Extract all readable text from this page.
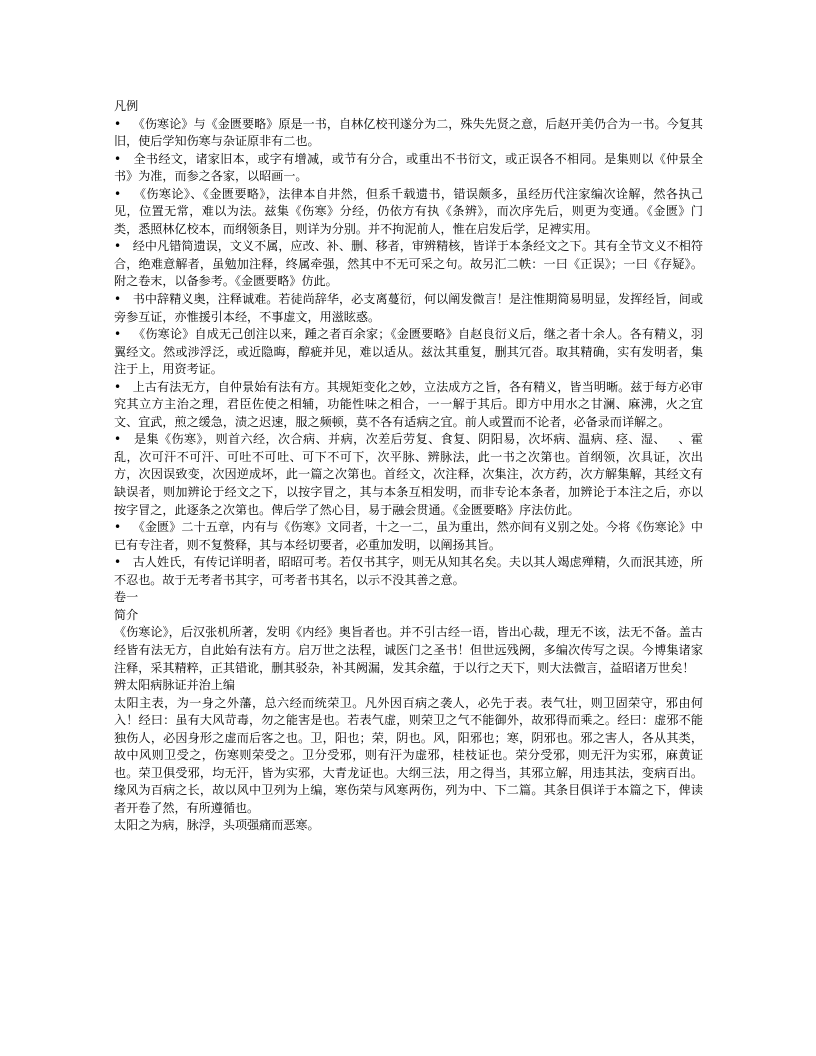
凡例
•   《伤寒论》与《金匮要略》原是一书，自林亿校刊遂分为二，殊失先贤之意，后赵开美仍合为一书。今复其旧，使后学知伤寒与杂证原非有二也。
•   全书经文，诸家旧本，或字有增减，或节有分合，或重出不书衍文，或正误各不相同。是集则以《仲景全书》为准，而参之各家，以昭画一。
•   《伤寒论》、《金匮要略》，法律本自井然，但系千载遗书，错误颇多，虽经历代注家编次诠解，然各执己见，位置无常，难以为法。兹集《伤寒》分经，仍依方有执《条辨》，而次序先后，则更为变通。《金匮》门类，悉照林亿校本，而纲领条目，则详为分别。并不拘泥前人，惟在启发后学，足裨实用。
•   经中凡错简遗误，文义不属，应改、补、删、移者，审辨精核，皆详于本条经文之下。其有全节文义不相符合，绝难意解者，虽勉加注释，终属牵强，然其中不无可采之句。故另汇二帙：一曰《正误》；一曰《存疑》。附之卷末，以备参考。《金匮要略》仿此。
•   书中辞精义奥，注释诚难。若徒尚辞华，必支离蔓衍，何以阐发微言！是注惟期简易明显，发挥经旨，间或旁参互证，亦惟援引本经，不事虚文，用滋眩惑。
•   《伤寒论》自成无己创注以来，踵之者百余家；《金匮要略》自赵良衍义后，继之者十余人。各有精义，羽翼经文。然或涉浮泛，或近隐晦，醇疵并见，难以适从。兹汰其重复，删其冗沓。取其精确，实有发明者，集注于上，用资考证。
•   上古有法无方，自仲景始有法有方。其规矩变化之妙，立法成方之旨，各有精义，皆当明晰。兹于每方必审究其立方主治之理，君臣佐使之相辅，功能性味之相合，一一解于其后。即方中用水之甘澜、麻沸，火之宜文、宜武，煎之缓急，渍之迟速，服之频顿，莫不各有适病之宜。前人或置而不论者，必备录而详解之。
•   是集《伤寒》，则首六经，次合病、并病，次差后劳复、食复、阴阳易，次坏病、温病、痉、湿、 、霍乱，次可汗不可汗、可吐不可吐、可下不可下，次平脉、辨脉法，此一书之次第也。首纲领，次具证，次出方，次因误致变，次因逆成坏，此一篇之次第也。首经文，次注释，次集注，次方药，次方解集解，其经文有缺误者，则加辨论于经文之下，以按字冒之，其与本条互相发明，而非专论本条者，加辨论于本注之后，亦以按字冒之，此逐条之次第也。俾后学了然心目，易于融会贯通。《金匮要略》序法仿此。
•   《金匮》二十五章，内有与《伤寒》文同者，十之一二，虽为重出，然亦间有义别之处。今将《伤寒论》中已有专注者，则不复赘释，其与本经切要者，必重加发明，以阐扬其旨。
•   古人姓氏，有传记详明者，昭昭可考。若仅书其字，则无从知其名矣。夫以其人竭虑殚精，久而泯其迹，所不忍也。故于无考者书其字，可考者书其名，以示不没其善之意。
卷一
简介
《伤寒论》，后汉张机所著，发明《内经》奥旨者也。并不引古经一语，皆出心裁，理无不该，法无不备。盖古经皆有法无方，自此始有法有方。启万世之法程，诚医门之圣书！但世远残阙，多编次传写之误。今博集诸家注释，采其精粹，正其错讹，删其驳杂，补其阙漏，发其余蕴，于以行之天下，则大法微言，益昭诸万世矣！
辨太阳病脉证并治上编
太阳主表，为一身之外藩，总六经而统荣卫。凡外因百病之袭人，必先于表。表气壮，则卫固荣守，邪由何入！经曰：虽有大风苛毒，勿之能害是也。若表气虚，则荣卫之气不能御外，故邪得而乘之。经曰：虚邪不能独伤人，必因身形之虚而后客之也。卫，阳也；荣，阴也。风，阳邪也；寒，阴邪也。邪之害人，各从其类，故中风则卫受之，伤寒则荣受之。卫分受邪，则有汗为虚邪，桂枝证也。荣分受邪，则无汗为实邪，麻黄证也。荣卫俱受邪，均无汗，皆为实邪，大青龙证也。大纲三法，用之得当，其邪立解，用违其法，变病百出。缘风为百病之长，故以风中卫列为上编，寒伤荣与风寒两伤，列为中、下二篇。其条目俱详于本篇之下，俾读者开卷了然，有所遵循也。
太阳之为病，脉浮，头项强痛而恶寒。
